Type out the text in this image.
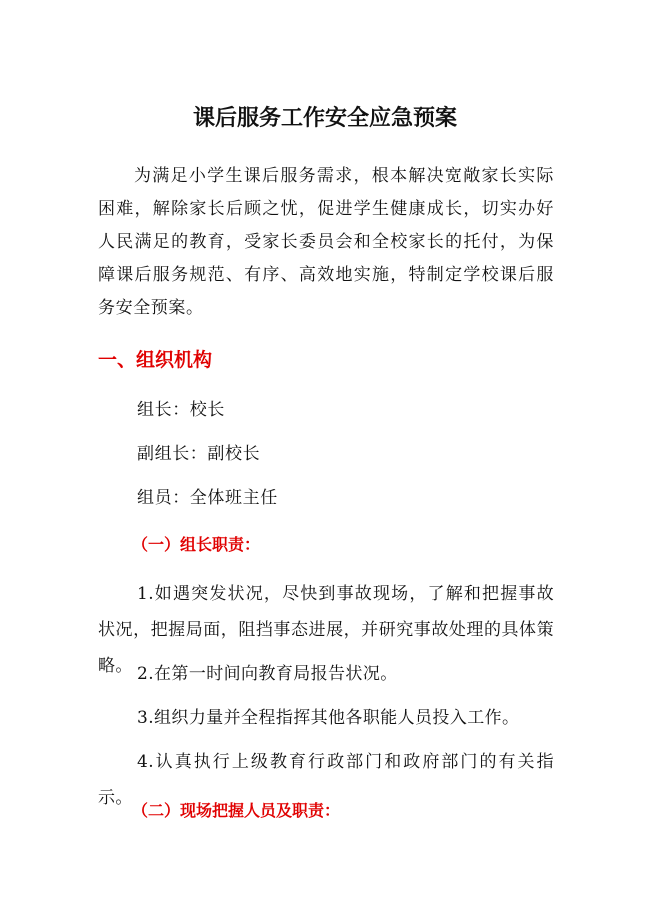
课后服务工作安全应急预案
为满足小学生课后服务需求，根本解决宽敞家长实际困难，解除家长后顾之忧，促进学生健康成长，切实办好人民满足的教育，受家长委员会和全校家长的托付，为保障课后服务规范、有序、高效地实施，特制定学校课后服务安全预案。
一、组织机构
组长：校长
副组长：副校长
组员：全体班主任
（一）组长职责：
1.如遇突发状况，尽快到事故现场，了解和把握事故状况，把握局面，阻挡事态进展，并研究事故处理的具体策略。 2.在第一时间向教育局报告状况。
3.组织力量并全程指挥其他各职能人员投入工作。
4.认真执行上级教育行政部门和政府部门的有关指示。
（二）现场把握人员及职责：
